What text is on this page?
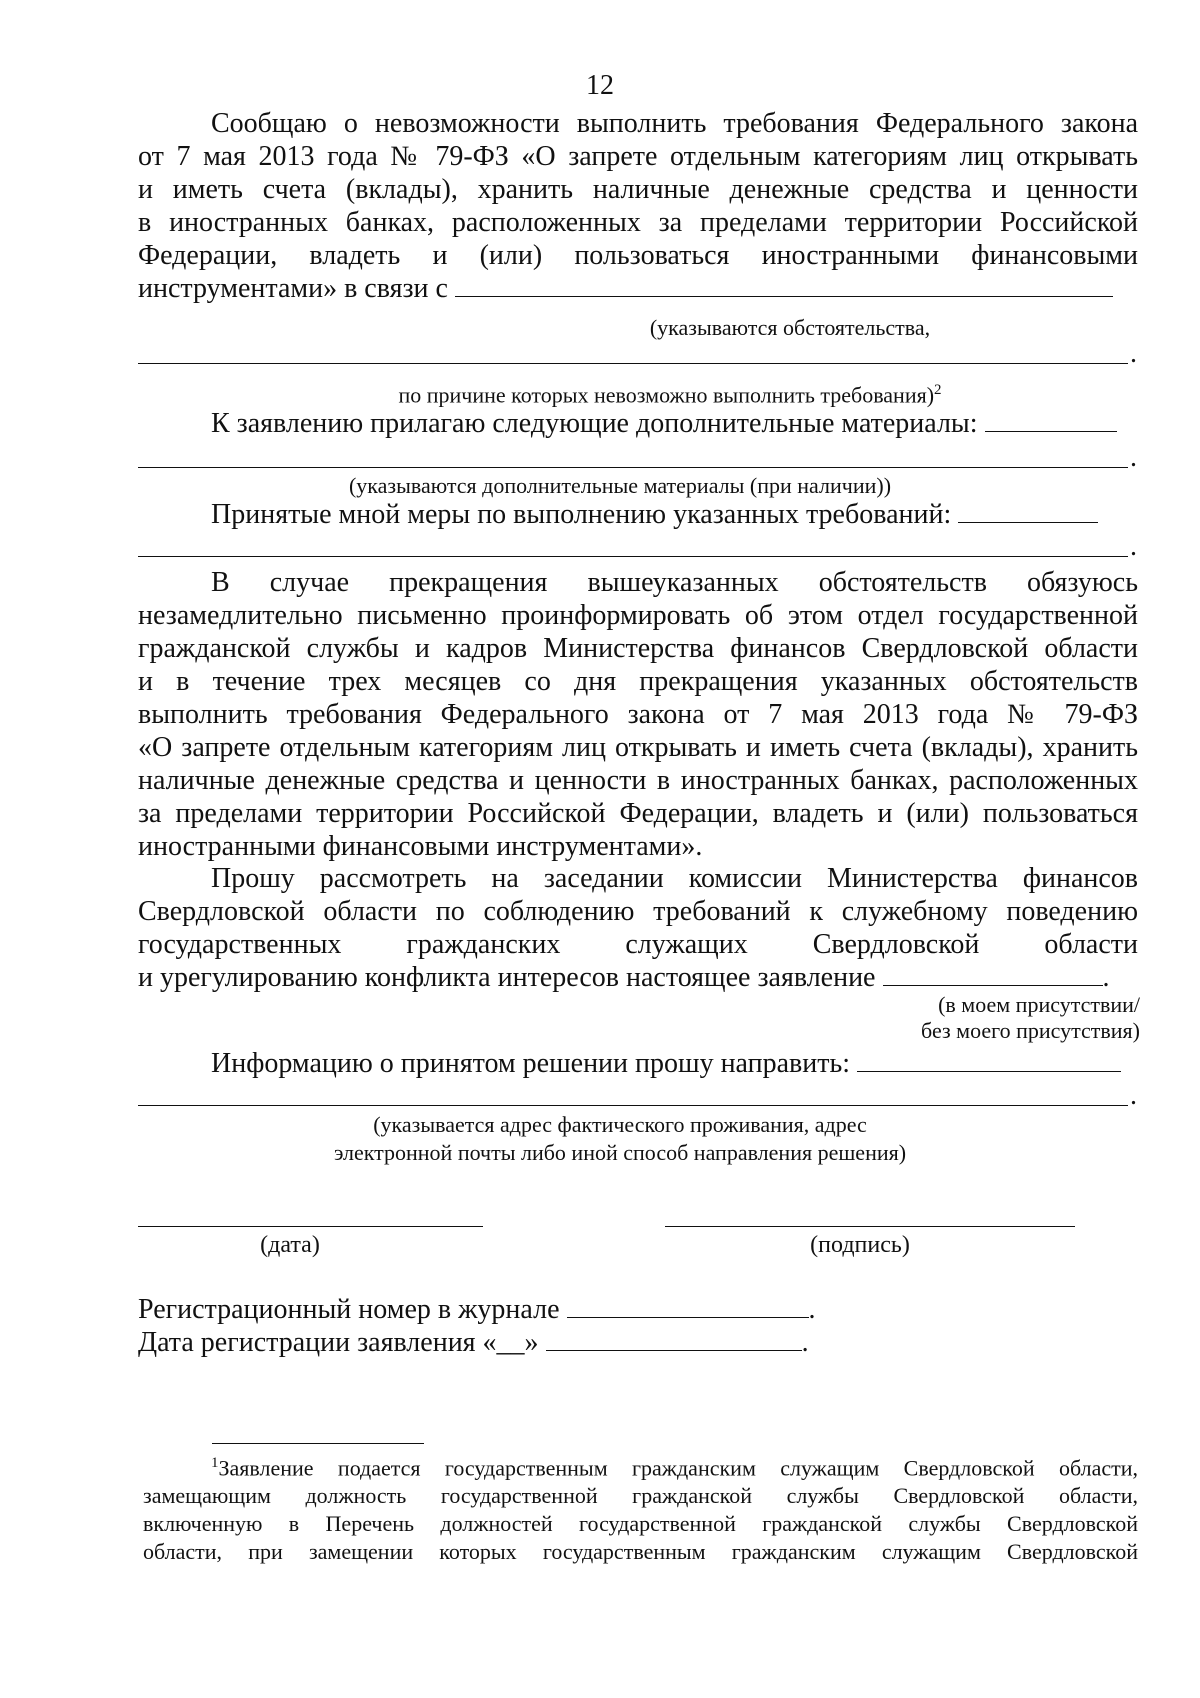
12
Сообщаю о невозможности выполнить требования Федерального закона
от 7 мая 2013 года № 79-ФЗ «О запрете отдельным категориям лиц открывать
и иметь счета (вклады), хранить наличные денежные средства и ценности
в иностранных банках, расположенных за пределами территории Российской
Федерации, владеть и (или) пользоваться иностранными финансовыми
инструментами» в связи с
(указываются обстоятельства,
.
по причине которых невозможно выполнить требования)$^2$
К заявлению прилагаю следующие дополнительные материалы:
.
(указываются дополнительные материалы (при наличии))
Принятые мной меры по выполнению указанных требований:
.
В случае прекращения вышеуказанных обстоятельств обязуюсь
незамедлительно письменно проинформировать об этом отдел государственной
гражданской службы и кадров Министерства финансов Свердловской области
и в течение трех месяцев со дня прекращения указанных обстоятельств
выполнить требования Федерального закона от 7 мая 2013 года № 79-ФЗ
«О запрете отдельным категориям лиц открывать и иметь счета (вклады), хранить
наличные денежные средства и ценности в иностранных банках, расположенных
за пределами территории Российской Федерации, владеть и (или) пользоваться
иностранными финансовыми инструментами».
Прошу рассмотреть на заседании комиссии Министерства финансов
Свердловской области по соблюдению требований к служебному поведению
государственных гражданских служащих Свердловской области
и урегулированию конфликта интересов настоящее заявление	.
(в моем присутствии/
без моего присутствия)
Информацию о принятом решении прошу направить:
.
(указывается адрес фактического проживания, адрес
электронной почты либо иной способ направления решения)
(дата)	(подпись)
Регистрационный номер в журнале	.
Дата регистрации заявления «__»	.
$^1$Заявление подается государственным гражданским служащим Свердловской области,
замещающим должность государственной гражданской службы Свердловской области,
включенную в Перечень должностей государственной гражданской службы Свердловской
области, при замещении которых государственным гражданским служащим Свердловской
